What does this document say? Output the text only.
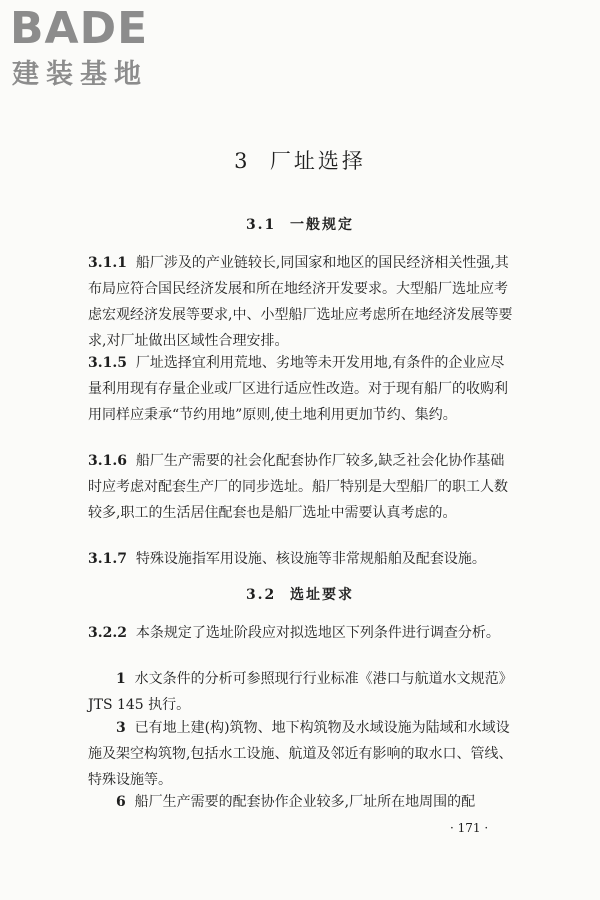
BADE
建装基地
3 厂址选择
3.1 一般规定

3.1.1 船厂涉及的产业链较长,同国家和地区的国民经济相关性强,其布局应符合国民经济发展和所在地经济开发要求。大型船厂选址应考虑宏观经济发展等要求,中、小型船厂选址应考虑所在地经济发展等要求,对厂址做出区域性合理安排。

3.1.5 厂址选择宜利用荒地、劣地等未开发用地,有条件的企业应尽量利用现有存量企业或厂区进行适应性改造。对于现有船厂的收购利用同样应秉承“节约用地”原则,使土地利用更加节约、集约。

3.1.6 船厂生产需要的社会化配套协作厂较多,缺乏社会化协作基础时应考虑对配套生产厂的同步选址。船厂特别是大型船厂的职工人数较多,职工的生活居住配套也是船厂选址中需要认真考虑的。

3.1.7 特殊设施指军用设施、核设施等非常规船舶及配套设施。

3.2 选址要求

3.2.2 本条规定了选址阶段应对拟选地区下列条件进行调查分析。

1 水文条件的分析可参照现行行业标准《港口与航道水文规范》JTS 145 执行。

3 已有地上建(构)筑物、地下构筑物及水域设施为陆域和水域设施及架空构筑物,包括水工设施、航道及邻近有影响的取水口、管线、特殊设施等。

6 船厂生产需要的配套协作企业较多,厂址所在地周围的配

· 171 ·
